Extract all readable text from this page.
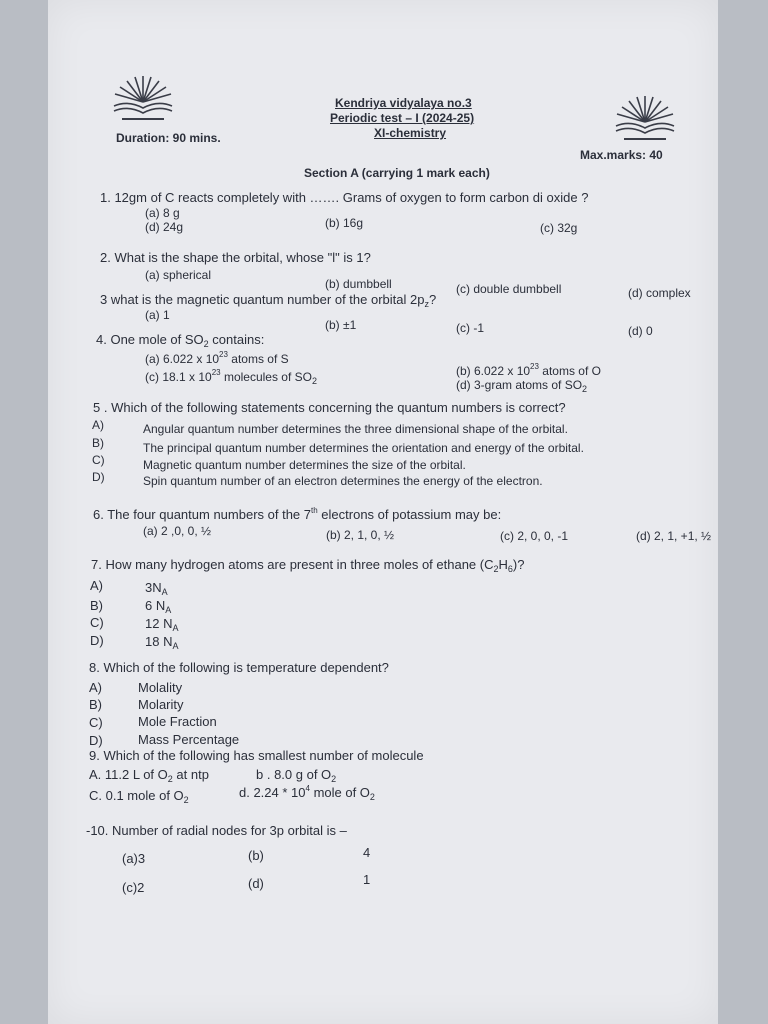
Kendriya vidyalaya no.3
Periodic test – I (2024-25)
XI-chemistry
Duration: 90 mins.
Max.marks: 40
Section A (carrying 1 mark each)
1. 12gm of C reacts completely with ……. Grams of oxygen to form carbon di oxide ?
(a) 8 g
(b) 16g	(c) 32g
(d) 24g
2. What is the shape the orbital, whose "l" is 1?
(a) spherical
(b) dumbbell	(c) double dumbbell	(d) complex
3 what is the magnetic quantum number of the orbital $2p_z$?
(a) 1
(b) ±1	(c) -1	(d) 0
4. One mole of $SO_2$ contains:
(a) 6.022 x $10^{23}$ atoms of S
(b) 6.022 x $10^{23}$ atoms of O
(c) 18.1 x $10^{23}$ molecules of $SO_2$	(d) 3-gram atoms of $SO_2$
5 . Which of the following statements concerning the quantum numbers is correct?
A)	Angular quantum number determines the three dimensional shape of the orbital.
B)	The principal quantum number determines the orientation and energy of the orbital.
C)	Magnetic quantum number determines the size of the orbital.
D)	Spin quantum number of an electron determines the energy of the electron.
6. The four quantum numbers of the 7th electrons of potassium may be:
(a) 2 ,0, 0, ½	(b) 2, 1, 0, ½	(c) 2, 0, 0, -1	(d) 2, 1, +1, ½
7. How many hydrogen atoms are present in three moles of ethane $(C_2H_6)$?
A)	$3N_A$
B)	6 $N_A$
C)	12 $N_A$
D)	18 $N_A$
8. Which of the following is temperature dependent?
A)	Molality
B)	Molarity
C)	Mole Fraction
D)	Mass Percentage
9. Which of the following has smallest number of molecule
A. 11.2 L of $O_2$ at ntp	b . 8.0 g of $O_2$
C. 0.1 mole of $O_2$	d. $2.24 * 10^4$ mole of $O_2$
-10. Number of radial nodes for 3p orbital is –
(a)3	(b)	4
(c)2	(d)	1
